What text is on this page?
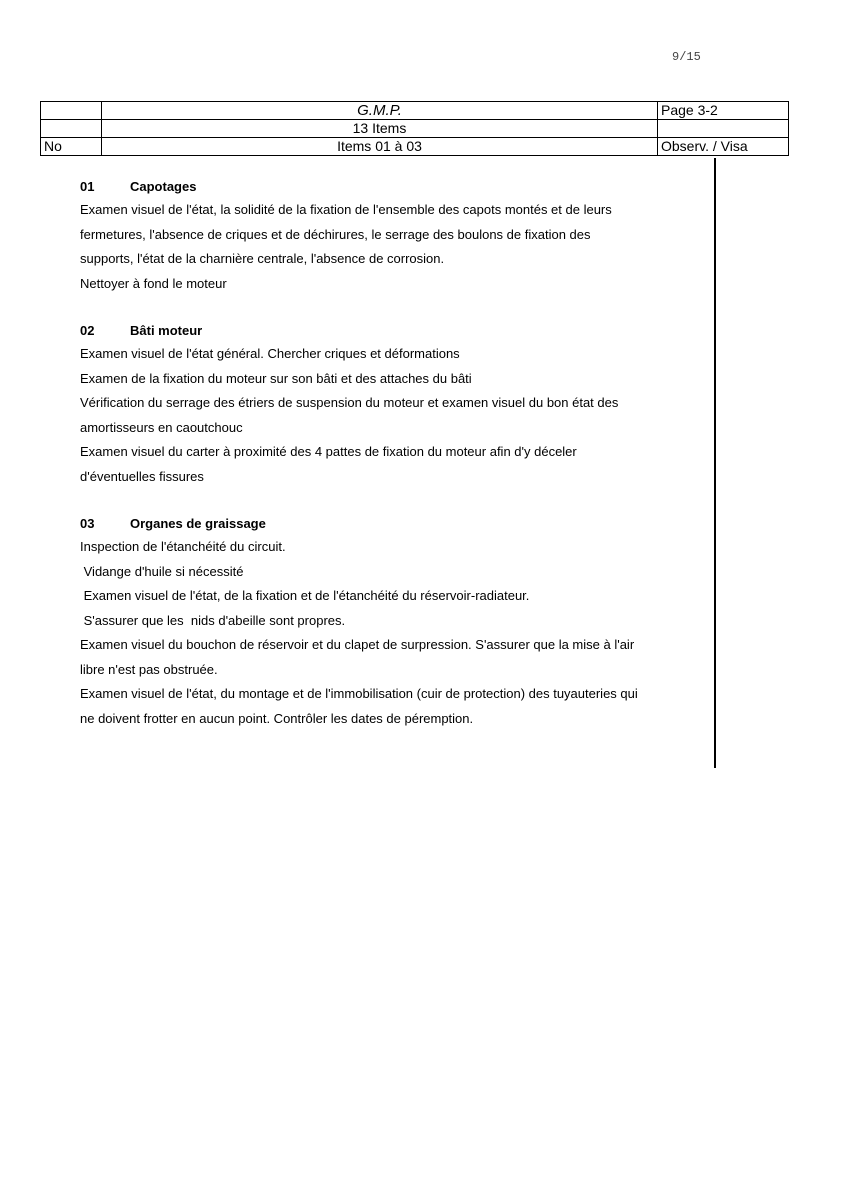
9/15
	G.M.P.	Page 3-2
	13 Items	
No	Items 01 à 03	Observ. / Visa
01	Capotages
Examen visuel de l'état, la solidité de la fixation de l'ensemble des capots montés et de leurs
fermetures, l'absence de criques et de déchirures, le serrage des boulons de fixation des
supports, l'état de la charnière centrale, l'absence de corrosion.
Nettoyer à fond le moteur
02	Bâti moteur
Examen visuel de l'état général. Chercher criques et déformations
Examen de la fixation du moteur sur son bâti et des attaches du bâti
Vérification du serrage des étriers de suspension du moteur et examen visuel du bon état des
amortisseurs en caoutchouc
Examen visuel du carter à proximité des 4 pattes de fixation du moteur afin d'y déceler
d'éventuelles fissures
03	Organes de graissage
Inspection de l'étanchéité du circuit.
Vidange d'huile si nécessité
Examen visuel de l'état, de la fixation et de l'étanchéité du réservoir-radiateur.
S'assurer que les  nids d'abeille sont propres.
Examen visuel du bouchon de réservoir et du clapet de surpression. S'assurer que la mise à l'air
libre n'est pas obstruée.
Examen visuel de l'état, du montage et de l'immobilisation (cuir de protection) des tuyauteries qui
ne doivent frotter en aucun point. Contrôler les dates de péremption.
